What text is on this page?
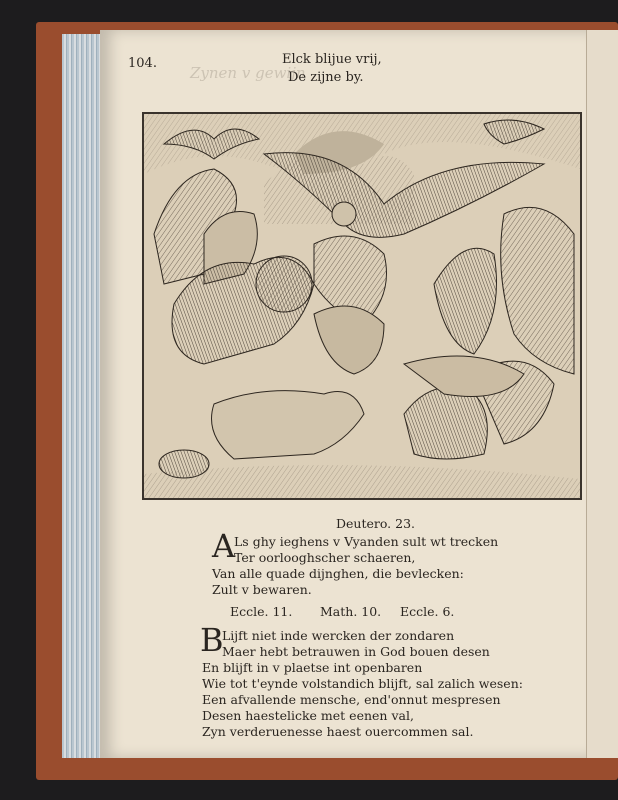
Zynen v gewijn
104.	Elck blijue vrij,
De zijne by.
Deutero. 23.
A
Ls ghy ieghens v Vyanden sult wt trecken
Ter oorlooghscher schaeren,
Van alle quade dijnghen, die bevlecken:
Zult v bewaren.
Eccle. 11. Math. 10. Eccle. 6.
B
Lijft niet inde wercken der zondaren
Maer hebt betrauwen in God bouen desen
En blijft in v plaetse int openbaren
Wie tot t'eynde volstandich blijft, sal zalich wesen:
Een afvallende mensche, end'onnut mespresen
Desen haestelicke met eenen val,
Zyn verderuenesse haest ouercommen sal.
